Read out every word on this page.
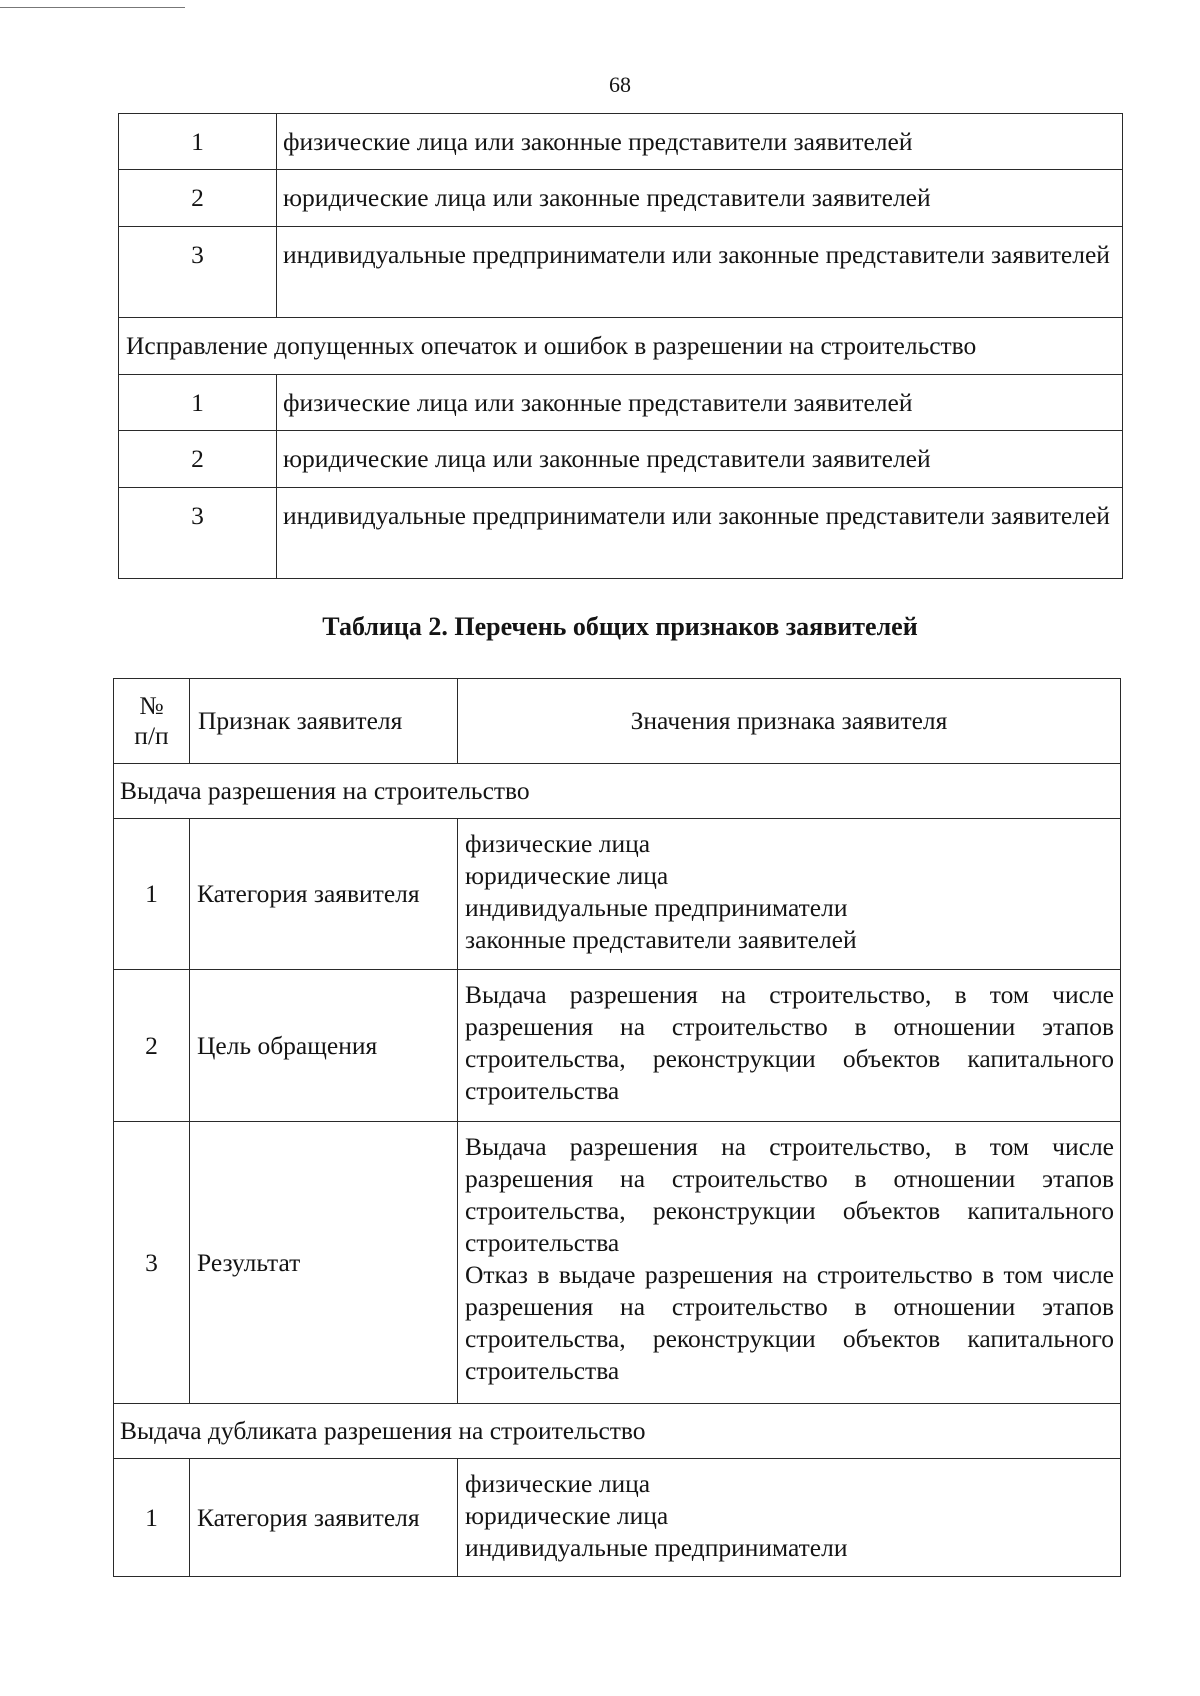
68
1	физические лица или законные представители заявителей
2	юридические лица или законные представители заявителей
3	индивидуальные предприниматели или законные представители заявителей
Исправление допущенных опечаток и ошибок в разрешении на строительство	
1	физические лица или законные представители заявителей
2	юридические лица или законные представители заявителей
3	индивидуальные предприниматели или законные представители заявителей
Таблица 2. Перечень общих признаков заявителей
№
п/п	Признак заявителя	Значения признака заявителя
Выдача разрешения на строительство		
1	Категория заявителя	физические лица
юридические лица
индивидуальные предприниматели
законные представители заявителей

2	Цель обращения	Выдача разрешения на строительство, в том числе разрешения на строительство в отношении этапов строительства, реконструкции объектов капитального строительства
3	Результат	Выдача разрешения на строительство, в том числе разрешения на строительство в отношении этапов строительства, реконструкции объектов капитального строительства
Отказ в выдаче разрешения на строительство в том числе разрешения на строительство в отношении этапов строительства, реконструкции объектов капитального строительства

Выдача дубликата разрешения на строительство		
1	Категория заявителя	физические лица
юридические лица
индивидуальные предприниматели
